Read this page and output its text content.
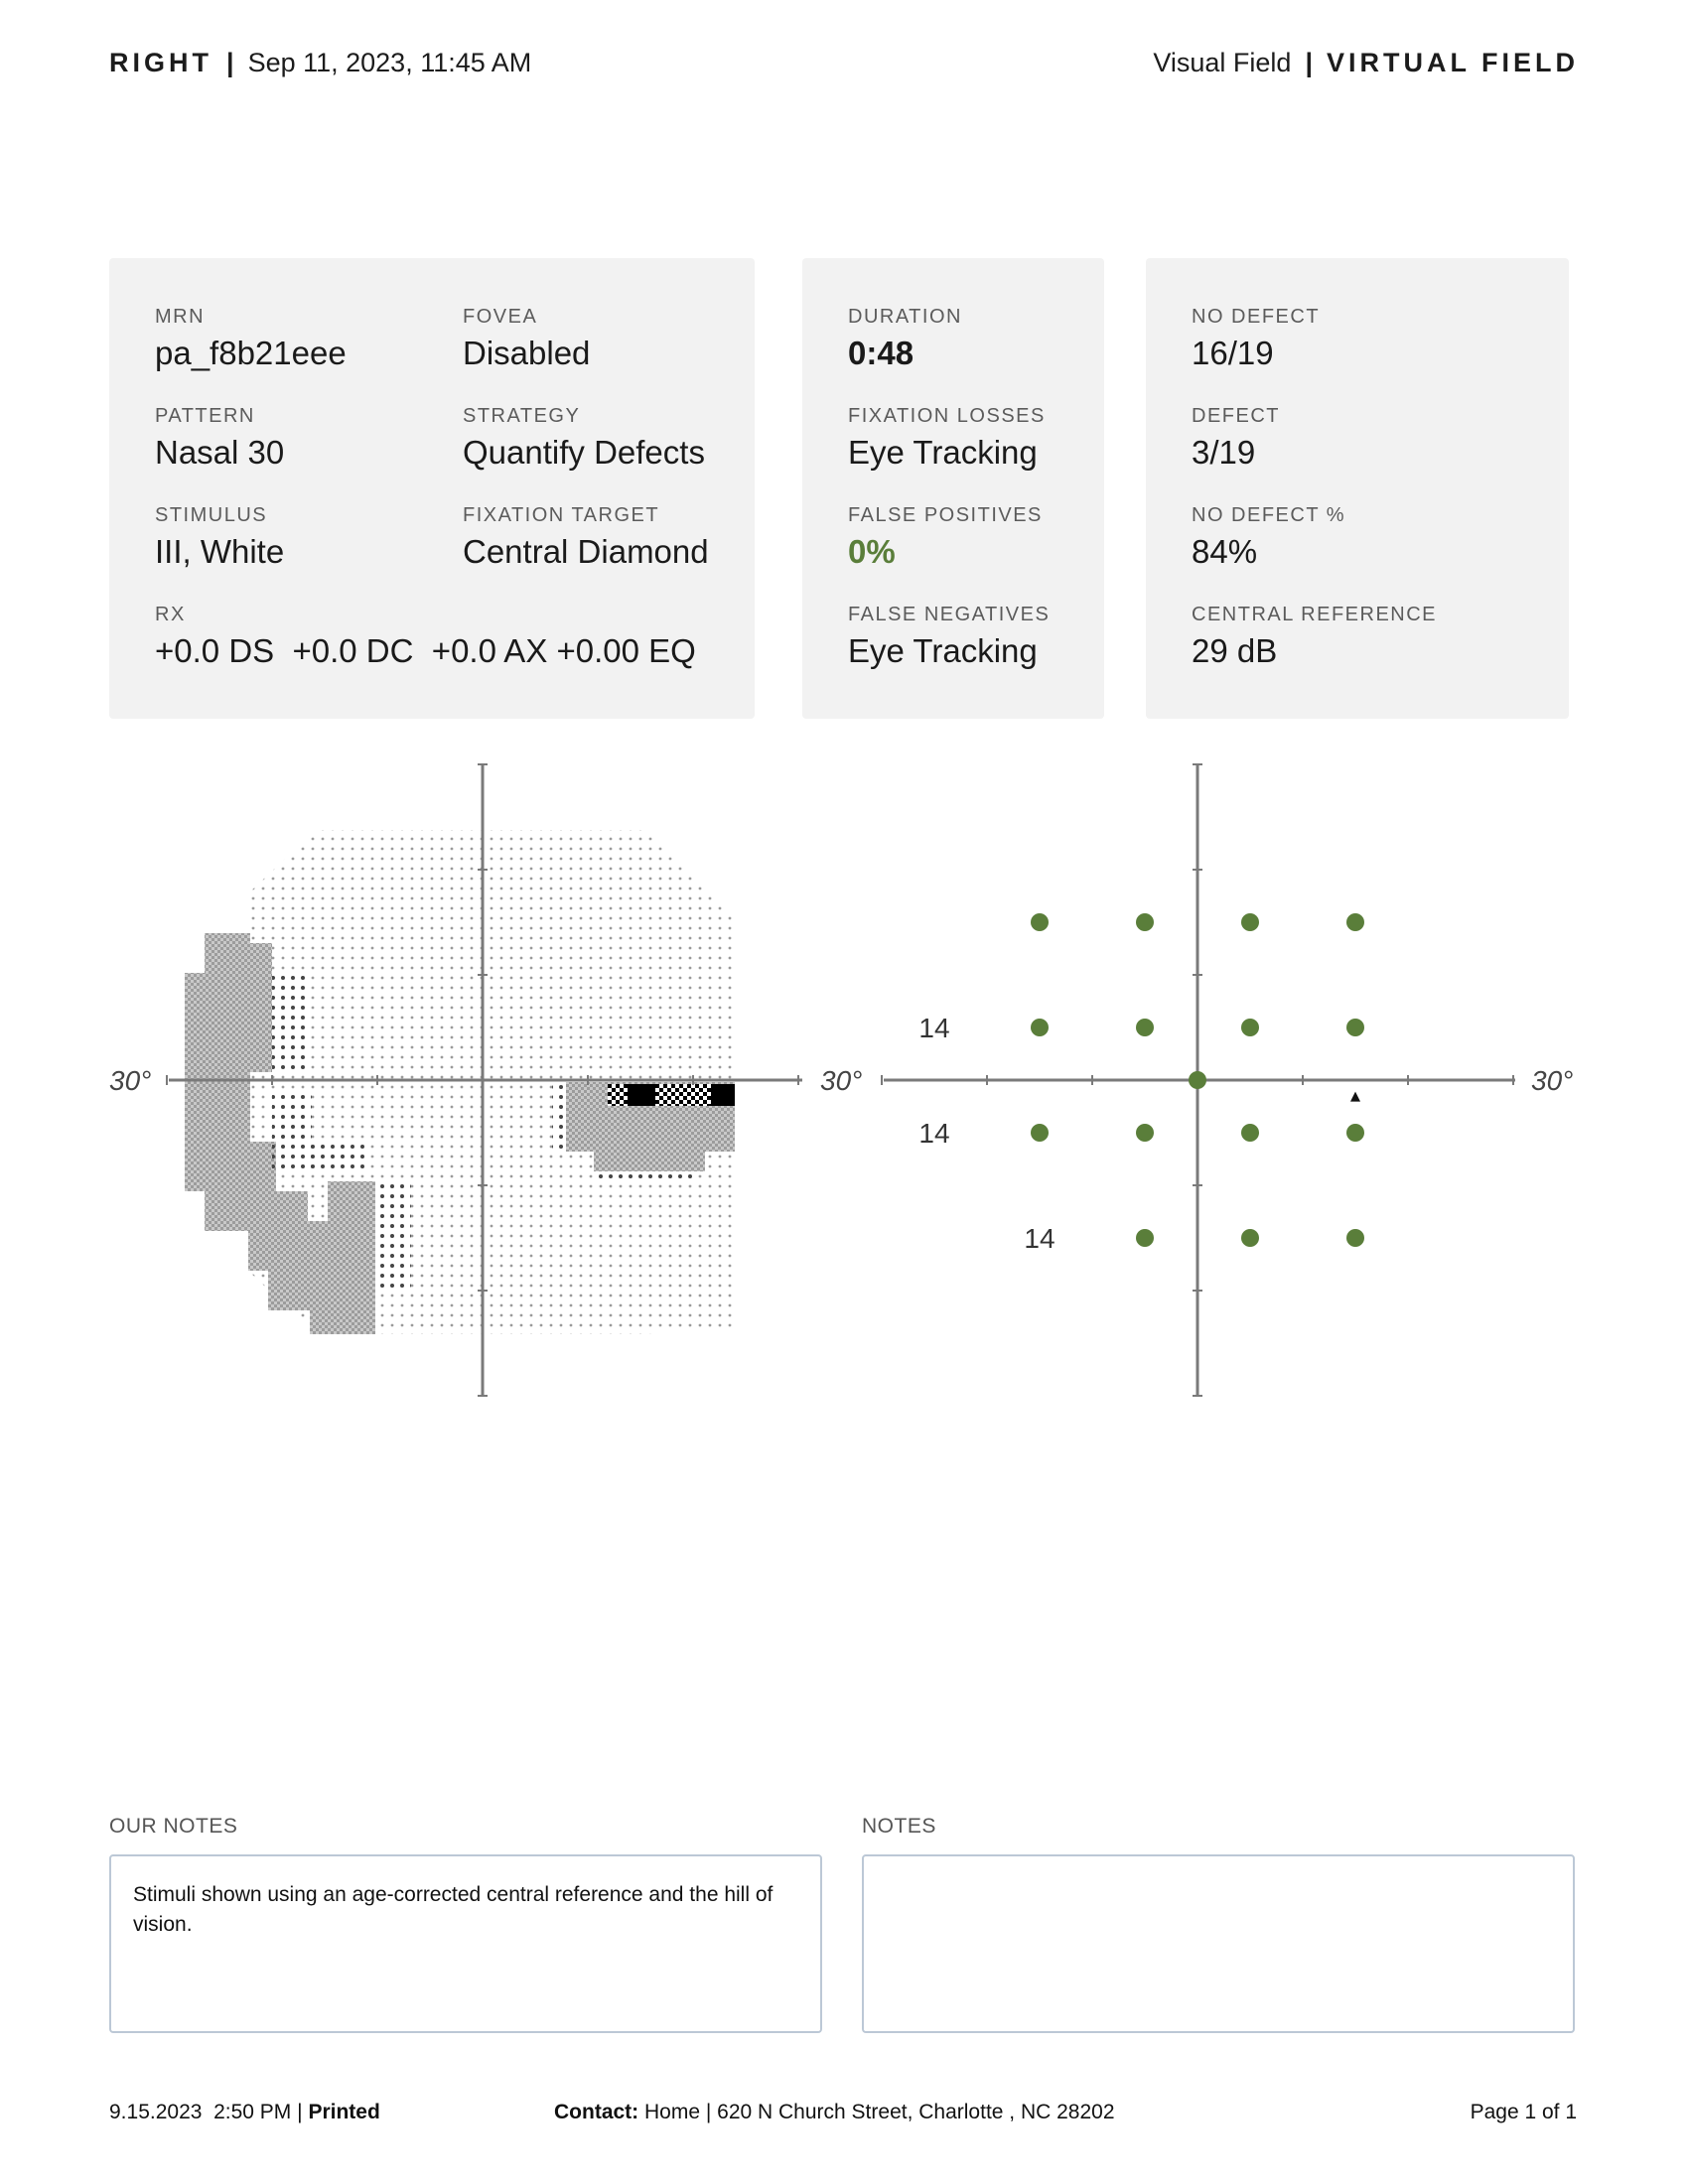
RIGHT | Sep 11, 2023, 11:45 AM	Visual Field | VIRTUAL FIELD
MRN
pa_f8b21eee
FOVEA
Disabled
PATTERN
Nasal 30
STRATEGY
Quantify Defects
STIMULUS
III, White
FIXATION TARGET
Central Diamond
RX
+0.0 DS  +0.0 DC  +0.0 AX +0.00 EQ
DURATION
0:48
FIXATION LOSSES
Eye Tracking
FALSE POSITIVES
0%
FALSE NEGATIVES
Eye Tracking
NO DEFECT
16/19
DEFECT
3/19
NO DEFECT %
84%
CENTRAL REFERENCE
29 dB
30°	30°	30°
14
14
14
OUR NOTES
Stimuli shown using an age-corrected central reference and the hill of vision.
NOTES
9.15.2023  2:50 PM | Printed	Contact: Home | 620 N Church Street, Charlotte , NC 28202	Page 1 of 1
